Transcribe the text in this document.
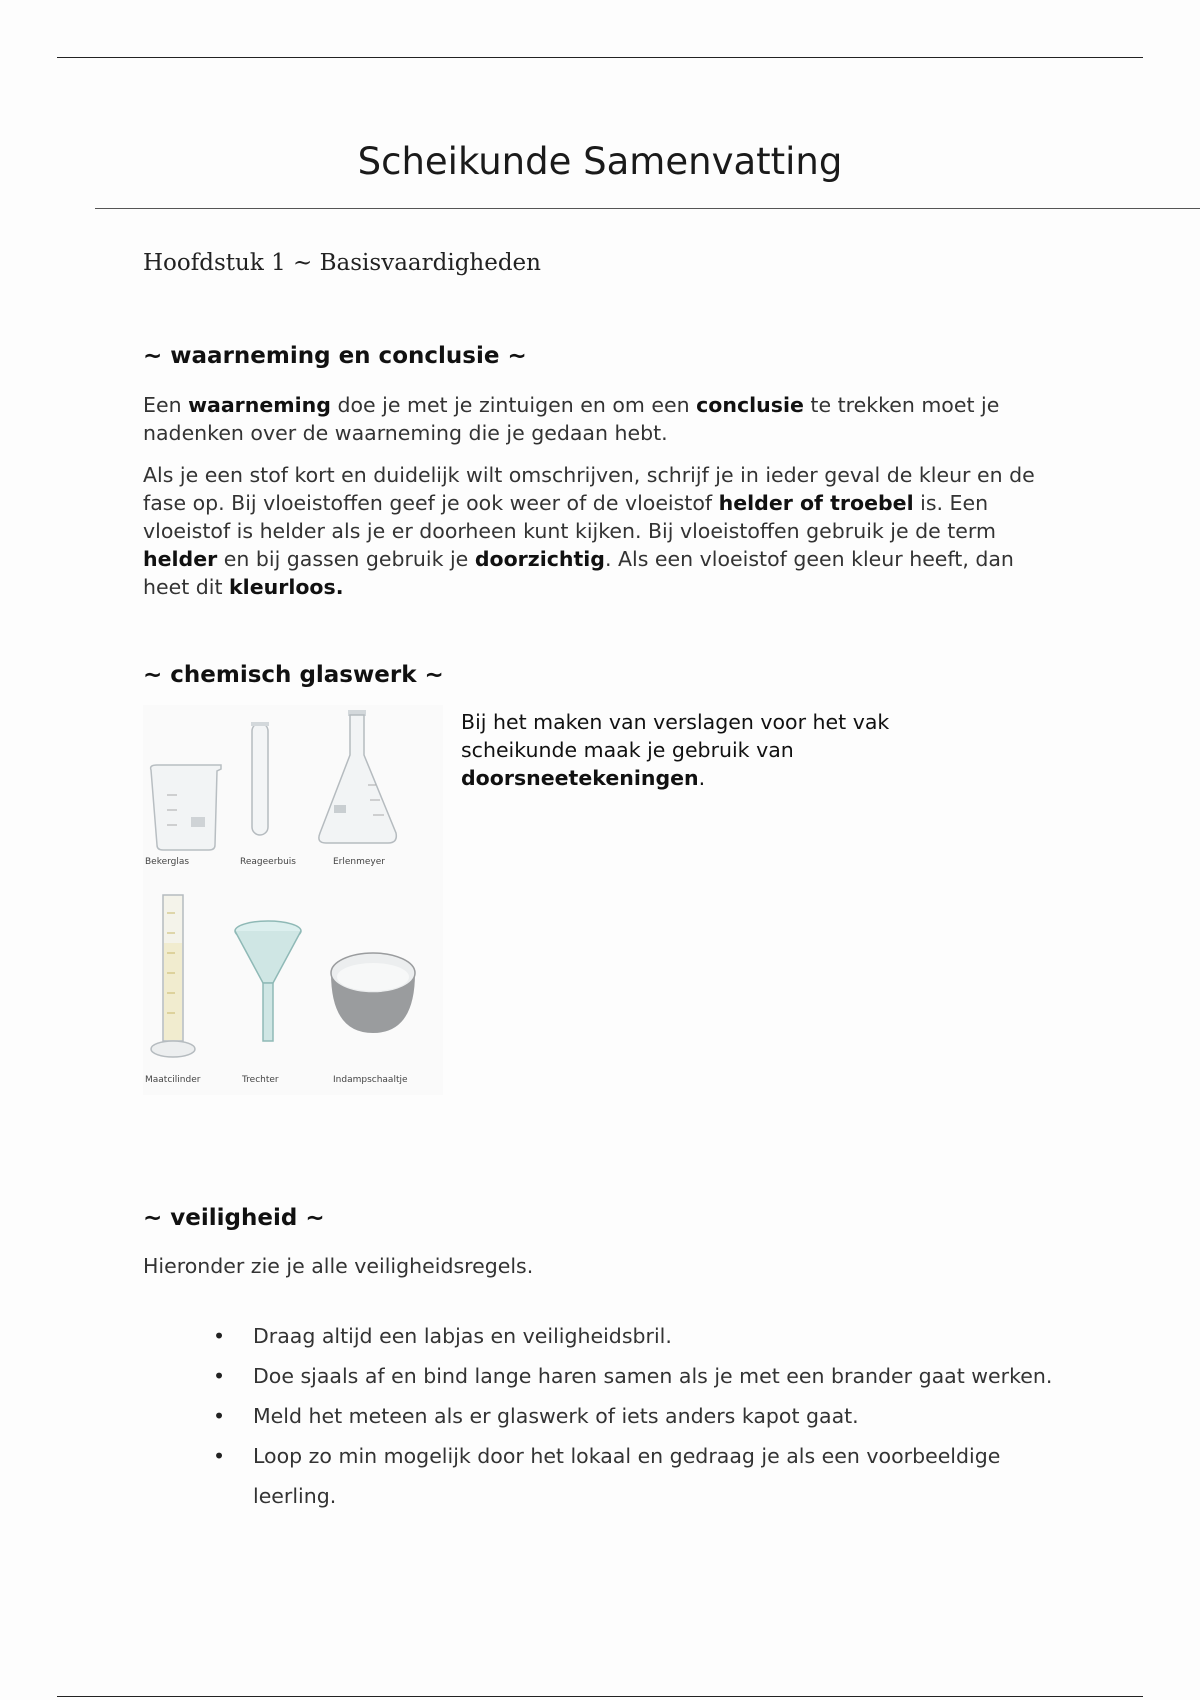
Scheikunde Samenvatting
Hoofdstuk 1 ~ Basisvaardigheden
~ waarneming en conclusie ~
Een waarneming doe je met je zintuigen en om een conclusie te trekken moet je nadenken over de waarneming die je gedaan hebt.
Als je een stof kort en duidelijk wilt omschrijven, schrijf je in ieder geval de kleur en de fase op. Bij vloeistoffen geef je ook weer of de vloeistof helder of troebel is. Een vloeistof is helder als je er doorheen kunt kijken. Bij vloeistoffen gebruik je de term helder en bij gassen gebruik je doorzichtig. Als een vloeistof geen kleur heeft, dan heet dit kleurloos.
~ chemisch glaswerk ~
Bekerglas	Reageerbuis	Erlenmeyer
Maatcilinder	Trechter	Indampschaaltje
Bij het maken van verslagen voor het vak scheikunde maak je gebruik van doorsneetekeningen.
~ veiligheid ~
Hieronder zie je alle veiligheidsregels.
• Draag altijd een labjas en veiligheidsbril.
• Doe sjaals af en bind lange haren samen als je met een brander gaat werken.
• Meld het meteen als er glaswerk of iets anders kapot gaat.
• Loop zo min mogelijk door het lokaal en gedraag je als een voorbeeldige leerling.
